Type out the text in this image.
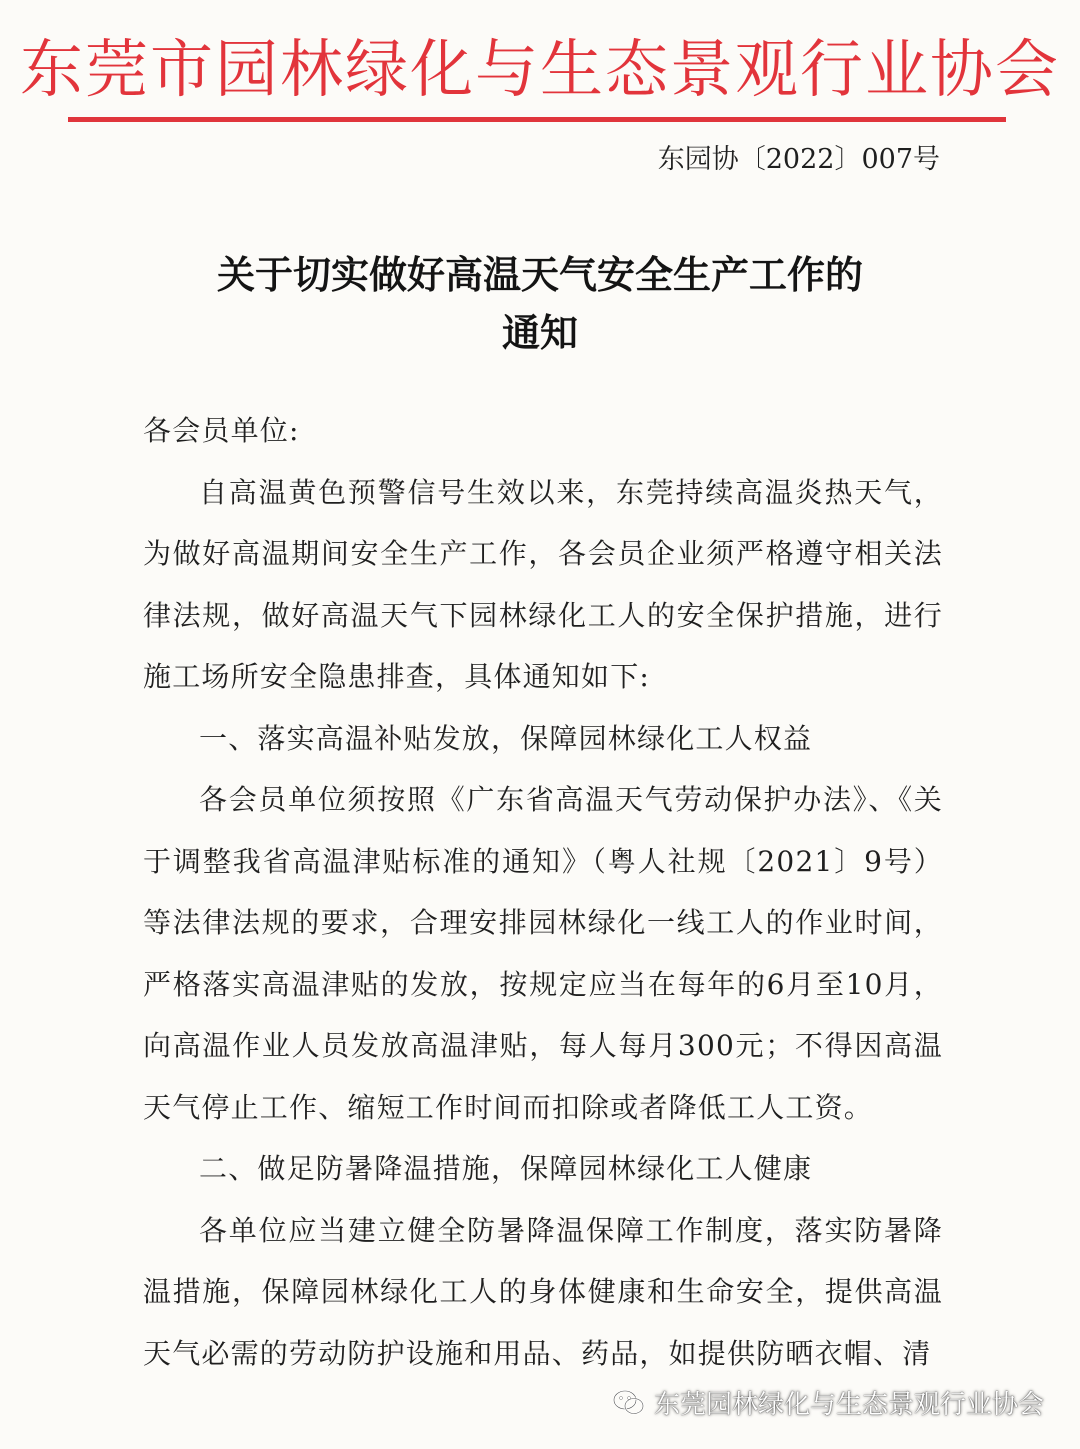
东莞市园林绿化与生态景观行业协会
东园协〔2022〕007号
关于切实做好高温天气安全生产工作的
通知

各会员单位:

自高温黄色预警信号生效以来，东莞持续高温炎热天气，为做好高温期间安全生产工作，各会员企业须严格遵守相关法律法规，做好高温天气下园林绿化工人的安全保护措施，进行施工场所安全隐患排查，具体通知如下:

一、落实高温补贴发放，保障园林绿化工人权益

各会员单位须按照《广东省高温天气劳动保护办法》、《关于调整我省高温津贴标准的通知》（粤人社规〔2021〕9号）等法律法规的要求，合理安排园林绿化一线工人的作业时间，严格落实高温津贴的发放，按规定应当在每年的6月至10月，向高温作业人员发放高温津贴，每人每月300元；不得因高温天气停止工作、缩短工作时间而扣除或者降低工人工资。

二、做足防暑降温措施，保障园林绿化工人健康

各单位应当建立健全防暑降温保障工作制度，落实防暑降温措施，保障园林绿化工人的身体健康和生命安全，提供高温天气必需的劳动防护设施和用品、药品，如提供防晒衣帽、清

东莞园林绿化与生态景观行业协会
